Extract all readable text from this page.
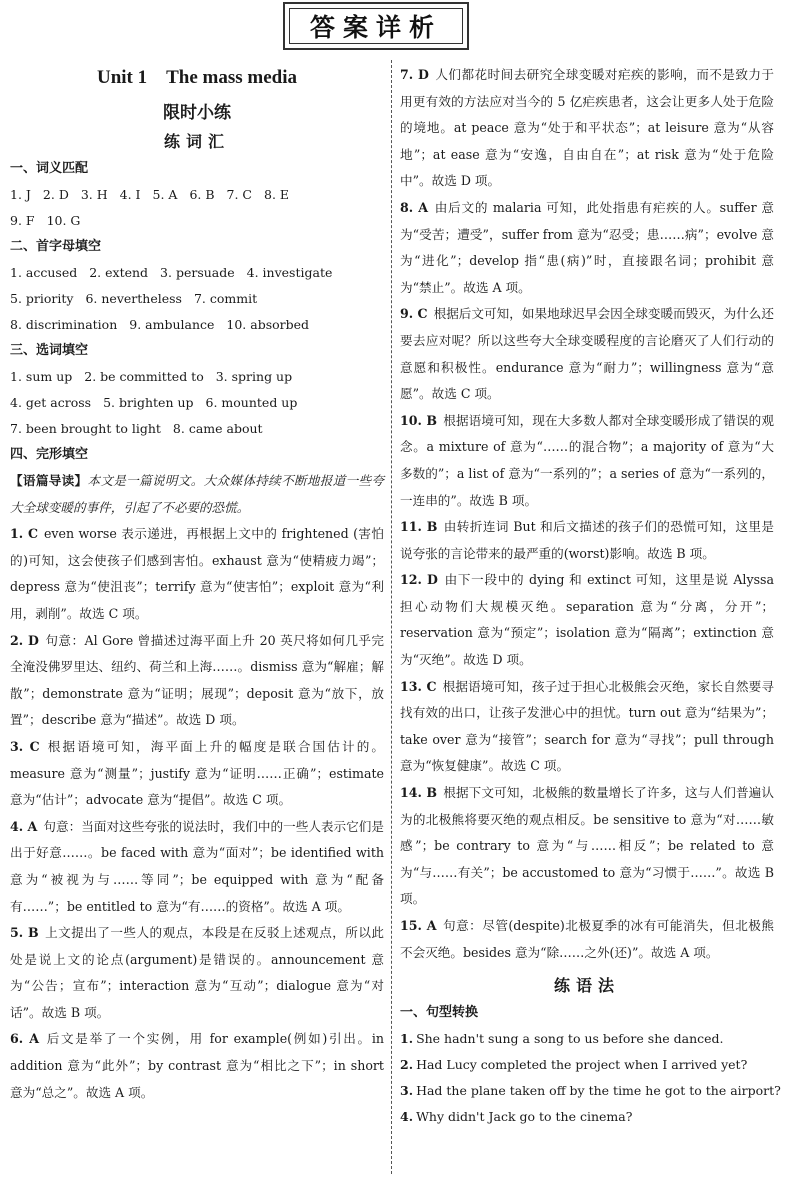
答案详析
Unit 1　The mass media
限时小练
练词汇
一、词义匹配
1. J 2. D 3. H 4. I 5. A 6. B 7. C 8. E
9. F 10. G
二、首字母填空
1. accused 2. extend 3. persuade 4. investigate
5. priority 6. nevertheless 7. commit
8. discrimination 9. ambulance 10. absorbed
三、选词填空
1. sum up 2. be committed to 3. spring up
4. get across 5. brighten up 6. mounted up
7. been brought to light 8. came about
四、完形填空

【语篇导读】本文是一篇说明文。大众媒体持续不断地报道一些夸大全球变暖的事件，引起了不必要的恐慌。

1. C even worse 表示递进，再根据上文中的 frightened (害怕的)可知，这会使孩子们感到害怕。exhaust 意为“使精疲力竭”；depress 意为“使沮丧”；terrify 意为“使害怕”；exploit 意为“利用，剥削”。故选 C 项。

2. D 句意：Al Gore 曾描述过海平面上升 20 英尺将如何几乎完全淹没佛罗里达、纽约、荷兰和上海……。dismiss 意为“解雇；解散”；demonstrate 意为“证明；展现”；deposit 意为“放下，放置”；describe 意为“描述”。故选 D 项。

3. C 根据语境可知，海平面上升的幅度是联合国估计的。measure 意为“测量”；justify 意为“证明……正确”；estimate 意为“估计”；advocate 意为“提倡”。故选 C 项。

4. A 句意：当面对这些夸张的说法时，我们中的一些人表示它们是出于好意……。be faced with 意为“面对”；be identified with 意为“被视为与……等同”；be equipped with 意为“配备有……”；be entitled to 意为“有……的资格”。故选 A 项。

5. B 上文提出了一些人的观点，本段是在反驳上述观点，所以此处是说上文的论点(argument)是错误的。announcement 意为“公告；宣布”；interaction 意为“互动”；dialogue 意为“对话”。故选 B 项。

6. A 后文是举了一个实例，用 for example(例如)引出。in addition 意为“此外”；by contrast 意为“相比之下”；in short 意为“总之”。故选 A 项。

7. D 人们都花时间去研究全球变暖对疟疾的影响，而不是致力于用更有效的方法应对当今的 5 亿疟疾患者，这会让更多人处于危险的境地。at peace 意为“处于和平状态”；at leisure 意为“从容地”；at ease 意为“安逸，自由自在”；at risk 意为“处于危险中”。故选 D 项。

8. A 由后文的 malaria 可知，此处指患有疟疾的人。suffer 意为“受苦；遭受”，suffer from 意为“忍受；患……病”；evolve 意为“进化”；develop 指“患(病)”时，直接跟名词；prohibit 意为“禁止”。故选 A 项。

9. C 根据后文可知，如果地球迟早会因全球变暖而毁灭，为什么还要去应对呢？所以这些夸大全球变暖程度的言论磨灭了人们行动的意愿和积极性。endurance 意为“耐力”；willingness 意为“意愿”。故选 C 项。

10. B 根据语境可知，现在大多数人都对全球变暖形成了错误的观念。a mixture of 意为“……的混合物”；a majority of 意为“大多数的”；a list of 意为“一系列的”；a series of 意为“一系列的，一连串的”。故选 B 项。

11. B 由转折连词 But 和后文描述的孩子们的恐慌可知，这里是说夸张的言论带来的最严重的(worst)影响。故选 B 项。

12. D 由下一段中的 dying 和 extinct 可知，这里是说 Alyssa 担心动物们大规模灭绝。separation 意为“分离，分开”；reservation 意为“预定”；isolation 意为“隔离”；extinction 意为“灭绝”。故选 D 项。

13. C 根据语境可知，孩子过于担心北极熊会灭绝，家长自然要寻找有效的出口，让孩子发泄心中的担忧。turn out 意为“结果为”；take over 意为“接管”；search for 意为“寻找”；pull through 意为“恢复健康”。故选 C 项。

14. B 根据下文可知，北极熊的数量增长了许多，这与人们普遍认为的北极熊将要灭绝的观点相反。be sensitive to 意为“对……敏感”；be contrary to 意为“与……相反”；be related to 意为“与……有关”；be accustomed to 意为“习惯于……”。故选 B 项。

15. A 句意：尽管(despite)北极夏季的冰有可能消失，但北极熊不会灭绝。besides 意为“除……之外(还)”。故选 A 项。

练语法
一、句型转换
1. She hadn't sung a song to us before she danced.
2. Had Lucy completed the project when I arrived yet?
3. Had the plane taken off by the time he got to the airport?
4. Why didn't Jack go to the cinema?
